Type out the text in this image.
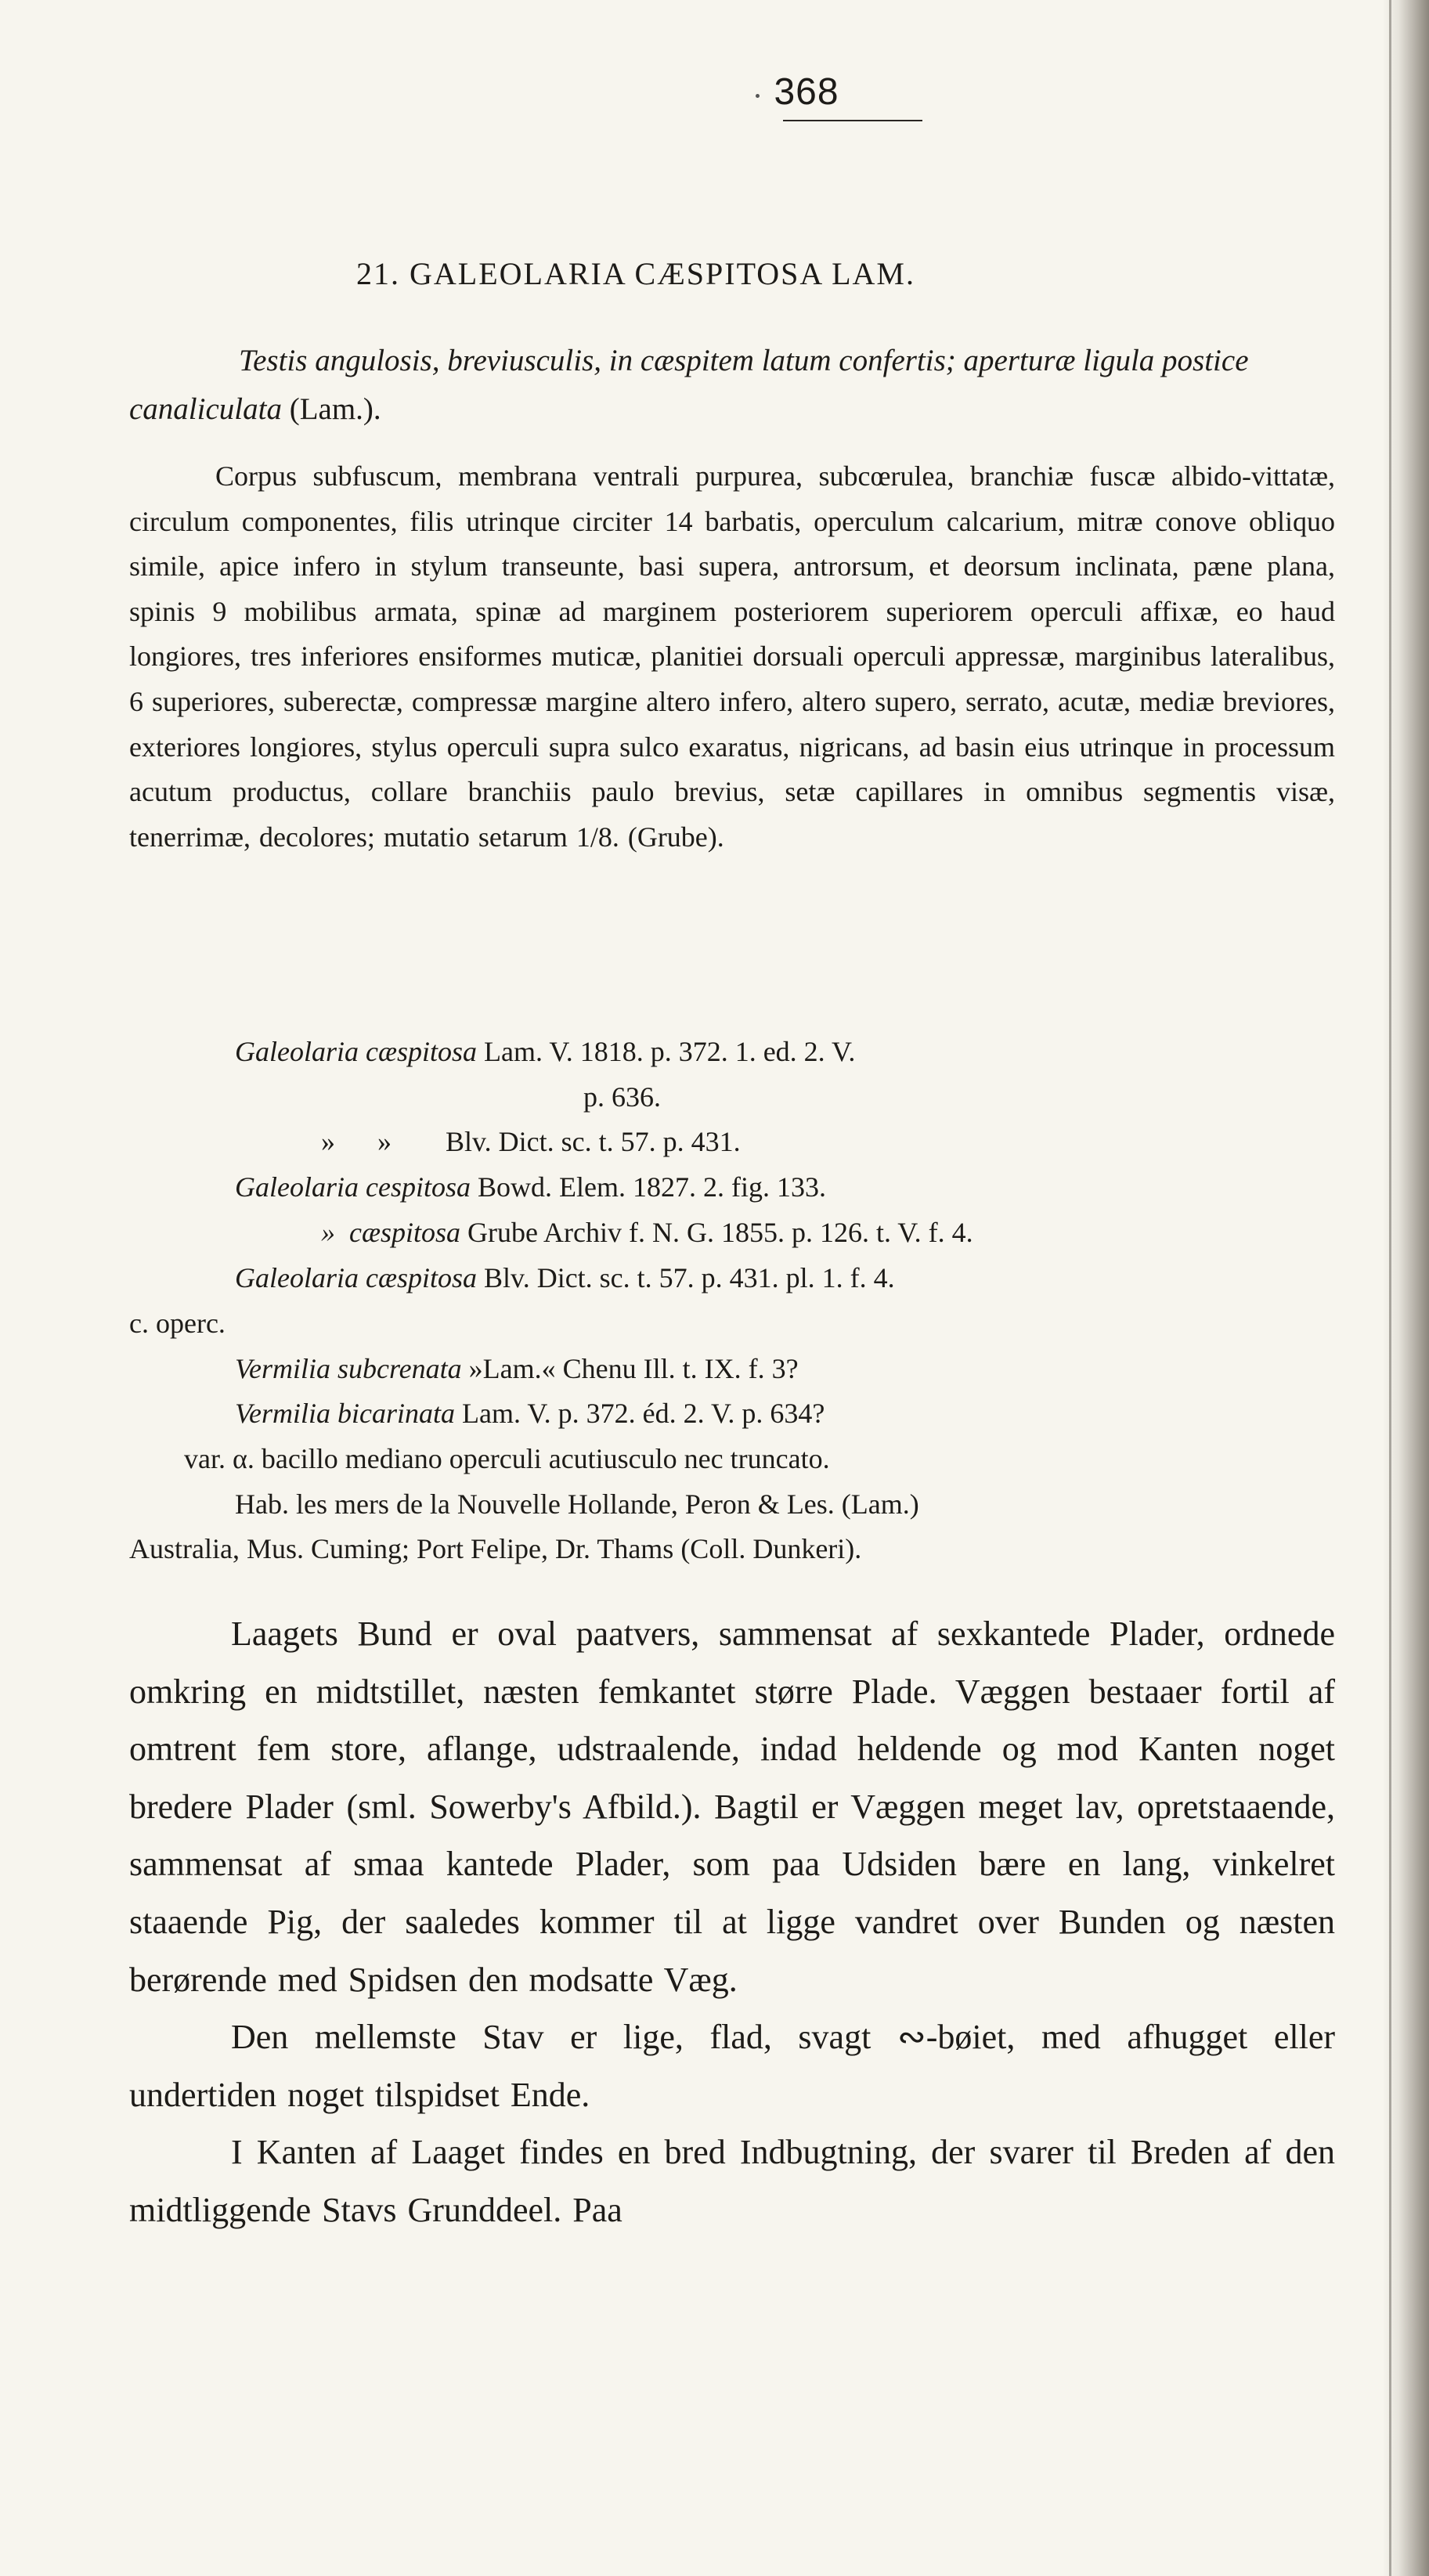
368
21. GALEOLARIA CÆSPITOSA LAM.
Testis angulosis, breviusculis, in cæspitem latum confertis; aperturæ ligula postice canaliculata (Lam.).
Corpus subfuscum, membrana ventrali purpurea, subcœrulea, branchiæ fuscæ albido-vittatæ, circulum componentes, filis utrinque circiter 14 barbatis, operculum calcarium, mitræ conove obliquo simile, apice infero in stylum transeunte, basi supera, antrorsum, et deorsum inclinata, pæne plana, spinis 9 mobilibus armata, spinæ ad marginem posteriorem superiorem operculi affixæ, eo haud longiores, tres inferiores ensiformes muticæ, planitiei dorsuali operculi appressæ, marginibus lateralibus, 6 superiores, suberectæ, compressæ margine altero infero, altero supero, serrato, acutæ, mediæ breviores, exteriores longiores, stylus operculi supra sulco exaratus, nigricans, ad basin eius utrinque in processum acutum productus, collare branchiis paulo brevius, setæ capillares in omnibus segmentis visæ, tenerrimæ, decolores; mutatio setarum 1/8. (Grube).
Galeolaria cæspitosa Lam. V. 1818. p. 372. 1. ed. 2. V.
p. 636.
»      » Blv. Dict. sc. t. 57. p. 431.
Galeolaria cespitosa Bowd. Elem. 1827. 2. fig. 133.
»  cæspitosa Grube Archiv f. N. G. 1855. p. 126. t. V. f. 4.
Galeolaria cæspitosa Blv. Dict. sc. t. 57. p. 431. pl. 1. f. 4.
c. operc.
Vermilia subcrenata »Lam.« Chenu Ill. t. IX. f. 3?
Vermilia bicarinata Lam. V. p. 372. éd. 2. V. p. 634?
var. α. bacillo mediano operculi acutiusculo nec truncato.
Hab. les mers de la Nouvelle Hollande, Peron & Les. (Lam.)
Australia, Mus. Cuming; Port Felipe, Dr. Thams (Coll. Dunkeri).

Laagets Bund er oval paatvers, sammensat af sexkantede Plader, ordnede omkring en midtstillet, næsten femkantet større Plade. Væggen bestaaer fortil af omtrent fem store, aflange, udstraalende, indad heldende og mod Kanten noget bredere Plader (sml. Sowerby's Afbild.). Bagtil er Væggen meget lav, opretstaaende, sammensat af smaa kantede Plader, som paa Udsiden bære en lang, vinkelret staaende Pig, der saaledes kommer til at ligge vandret over Bunden og næsten berørende med Spidsen den modsatte Væg.

Den mellemste Stav er lige, flad, svagt ∾-bøiet, med afhugget eller undertiden noget tilspidset Ende.

I Kanten af Laaget findes en bred Indbugtning, der svarer til Breden af den midtliggende Stavs Grunddeel. Paa
